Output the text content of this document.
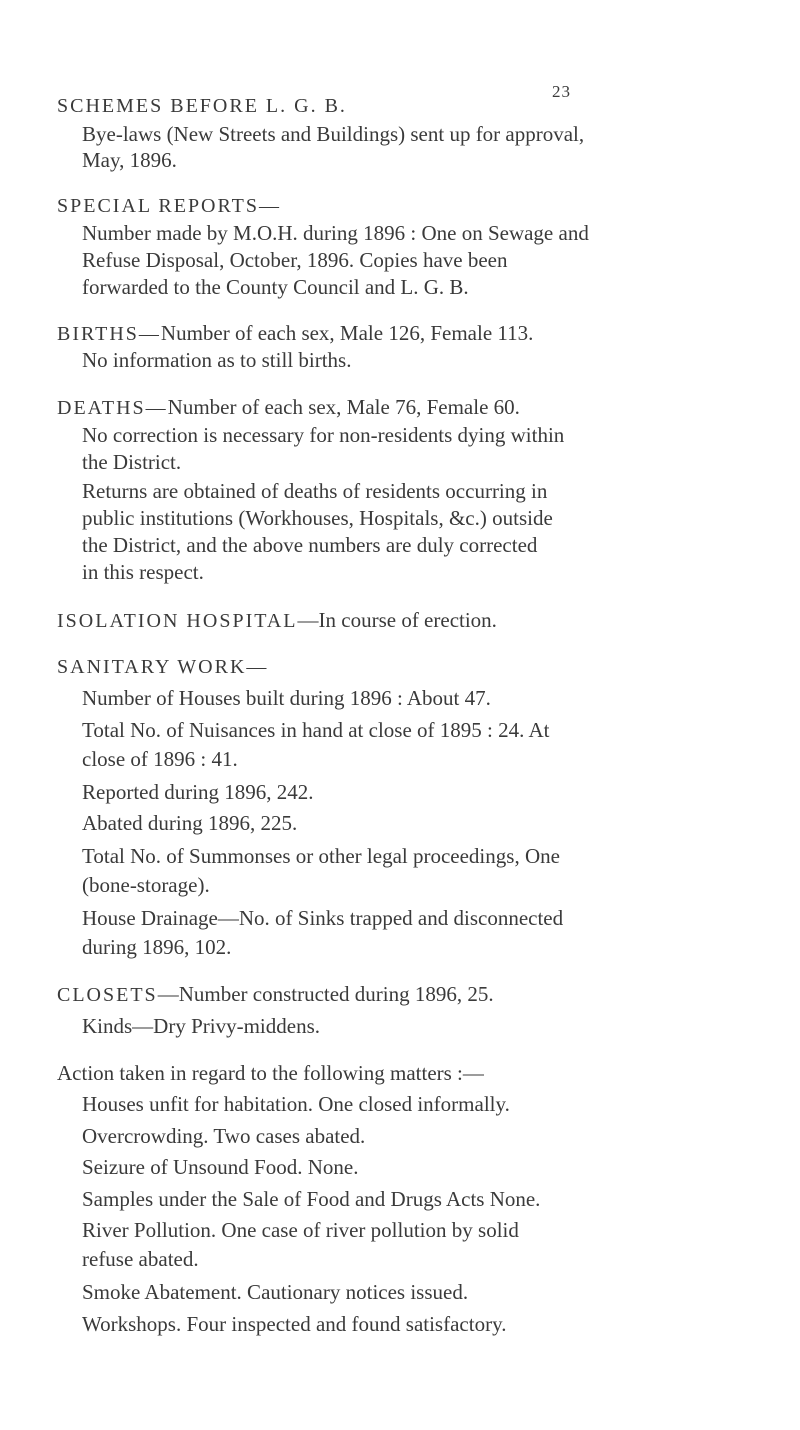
23
SCHEMES BEFORE L. G. B.
Bye-laws (New Streets and Buildings) sent up for approval,
May, 1896.
SPECIAL REPORTS—
Number made by M.O.H. during 1896 : One on Sewage and
Refuse Disposal, October, 1896. Copies have been
forwarded to the County Council and L. G. B.
BIRTHS—Number of each sex, Male 126, Female 113.
No information as to still births.
DEATHS—Number of each sex, Male 76, Female 60.
No correction is necessary for non-residents dying within
the District.
Returns are obtained of deaths of residents occurring in
public institutions (Workhouses, Hospitals, &c.) outside
the District, and the above numbers are duly corrected
in this respect.
ISOLATION HOSPITAL—In course of erection.
SANITARY WORK—
Number of Houses built during 1896 : About 47.
Total No. of Nuisances in hand at close of 1895 : 24. At
close of 1896 : 41.
Reported during 1896, 242.
Abated during 1896, 225.
Total No. of Summonses or other legal proceedings, One
(bone-storage).
House Drainage—No. of Sinks trapped and disconnected
during 1896, 102.
CLOSETS—Number constructed during 1896, 25.
Kinds—Dry Privy-middens.
Action taken in regard to the following matters :—
Houses unfit for habitation. One closed informally.
Overcrowding. Two cases abated.
Seizure of Unsound Food. None.
Samples under the Sale of Food and Drugs Acts None.
River Pollution. One case of river pollution by solid
refuse abated.
Smoke Abatement. Cautionary notices issued.
Workshops. Four inspected and found satisfactory.
